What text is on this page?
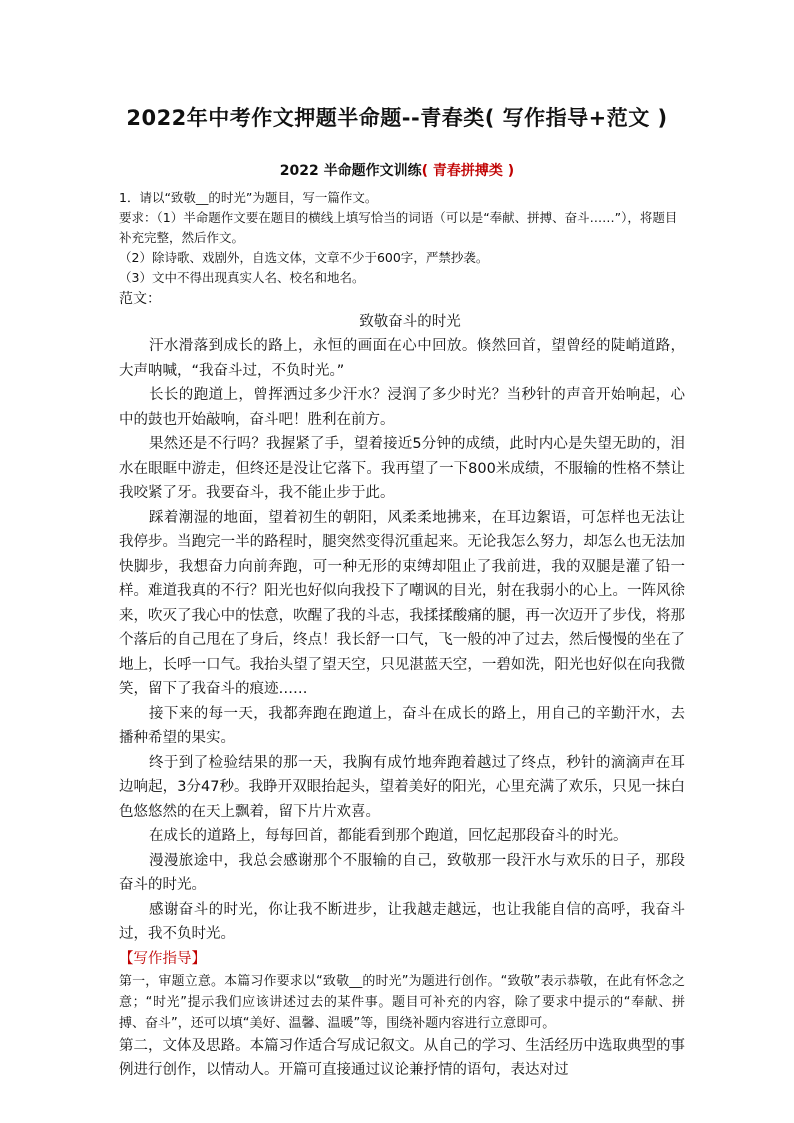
2022年中考作文押题半命题--青春类( 写作指导+范文 )
2022 半命题作文训练( 青春拼搏类 )

1．请以“致敬__的时光”为题目，写一篇作文。

要求：（1）半命题作文要在题目的横线上填写恰当的词语（可以是“奉献、拼搏、奋斗……”），将题目补充完整，然后作文。

（2）除诗歌、戏剧外，自选文体，文章不少于600字，严禁抄袭。

（3）文中不得出现真实人名、校名和地名。

范文：

致敬奋斗的时光

汗水滑落到成长的路上，永恒的画面在心中回放。倏然回首，望曾经的陡峭道路，大声呐喊，“我奋斗过，不负时光。”

长长的跑道上，曾挥洒过多少汗水？浸润了多少时光？当秒针的声音开始响起，心中的鼓也开始敲响，奋斗吧！胜利在前方。

果然还是不行吗？我握紧了手，望着接近5分钟的成绩，此时内心是失望无助的，泪水在眼眶中游走，但终还是没让它落下。我再望了一下800米成绩，不服输的性格不禁让我咬紧了牙。我要奋斗，我不能止步于此。

踩着潮湿的地面，望着初生的朝阳，风柔柔地拂来，在耳边絮语，可怎样也无法让我停步。当跑完一半的路程时，腿突然变得沉重起来。无论我怎么努力，却怎么也无法加快脚步，我想奋力向前奔跑，可一种无形的束缚却阻止了我前进，我的双腿是灌了铅一样。难道我真的不行？阳光也好似向我投下了嘲讽的目光，射在我弱小的心上。一阵风徐来，吹灭了我心中的怯意，吹醒了我的斗志，我揉揉酸痛的腿，再一次迈开了步伐，将那个落后的自己甩在了身后，终点！我长舒一口气，飞一般的冲了过去，然后慢慢的坐在了地上，长呼一口气。我抬头望了望天空，只见湛蓝天空，一碧如洗，阳光也好似在向我微笑，留下了我奋斗的痕迹……

接下来的每一天，我都奔跑在跑道上，奋斗在成长的路上，用自己的辛勤汗水，去播种希望的果实。

终于到了检验结果的那一天，我胸有成竹地奔跑着越过了终点，秒针的滴滴声在耳边响起，3分47秒。我睁开双眼抬起头，望着美好的阳光，心里充满了欢乐，只见一抹白色悠悠然的在天上飘着，留下片片欢喜。

在成长的道路上，每每回首，都能看到那个跑道，回忆起那段奋斗的时光。

漫漫旅途中，我总会感谢那个不服输的自己，致敬那一段汗水与欢乐的日子，那段奋斗的时光。

感谢奋斗的时光，你让我不断进步，让我越走越远，也让我能自信的高呼，我奋斗过，我不负时光。

【写作指导】

第一，审题立意。本篇习作要求以“致敬__的时光”为题进行创作。“致敬”表示恭敬，在此有怀念之意；“时光”提示我们应该讲述过去的某件事。题目可补充的内容，除了要求中提示的“奉献、拼搏、奋斗”，还可以填“美好、温馨、温暖”等，围绕补题内容进行立意即可。

第二，文体及思路。本篇习作适合写成记叙文。从自己的学习、生活经历中选取典型的事例进行创作，以情动人。开篇可直接通过议论兼抒情的语句，表达对过
